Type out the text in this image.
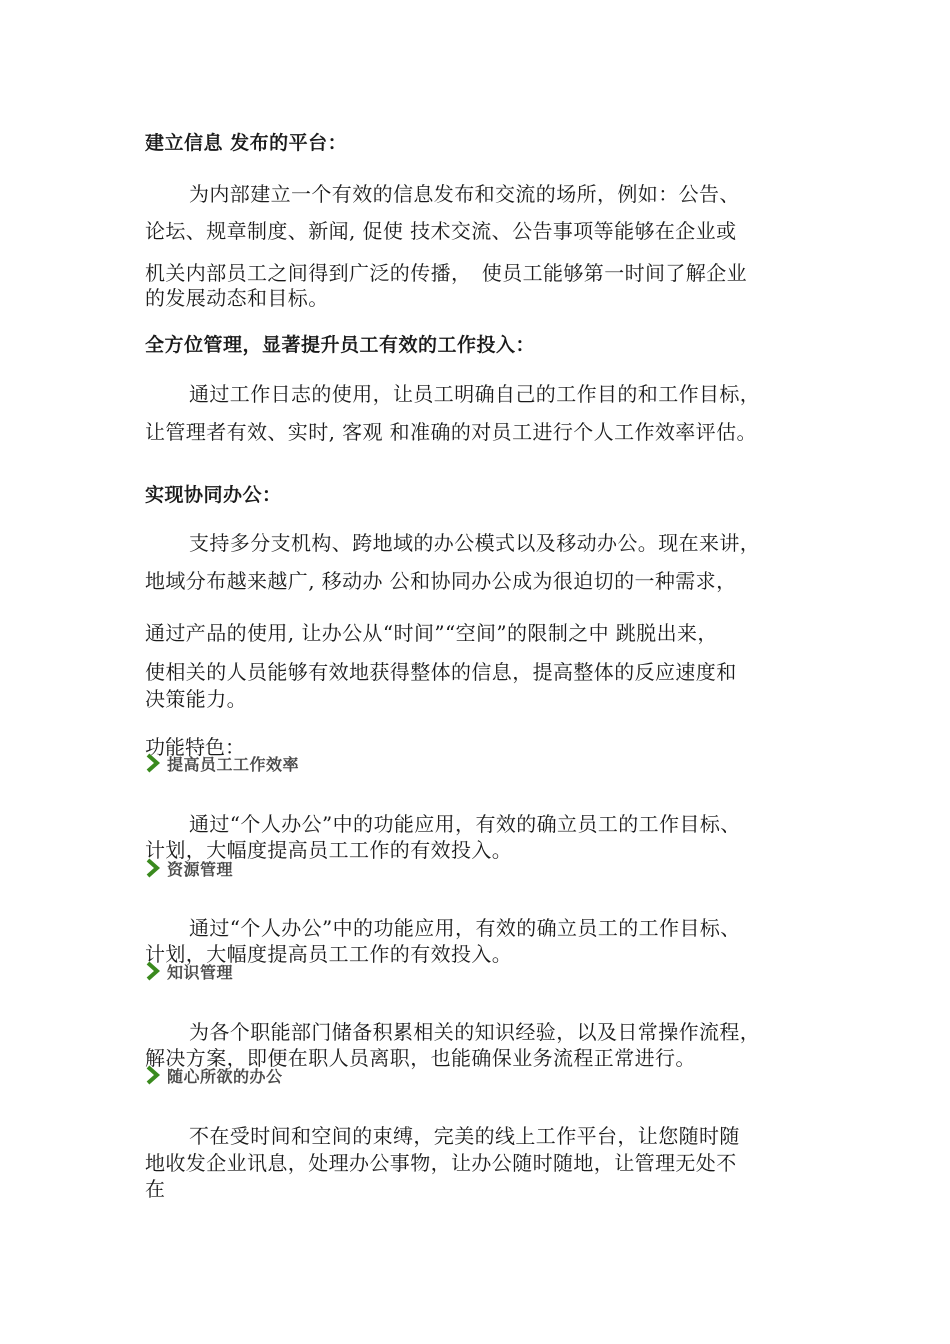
建立信息 发布的平台：
为内部建立一个有效的信息发布和交流的场所，例如：公告、
论坛、规章制度、新闻, 促使 技术交流、公告事项等能够在企业或
机关内部员工之间得到广泛的传播，　使员工能够第一时间了解企业
的发展动态和目标。
全方位管理，显著提升员工有效的工作投入：
通过工作日志的使用，让员工明确自己的工作目的和工作目标，
让管理者有效、实时, 客观 和准确的对员工进行个人工作效率评估。
实现协同办公：
支持多分支机构、跨地域的办公模式以及移动办公。现在来讲，
地域分布越来越广, 移动办 公和协同办公成为很迫切的一种需求，
通过产品的使用, 让办公从“时间”“空间”的限制之中 跳脱出来，
使相关的人员能够有效地获得整体的信息，提高整体的反应速度和
决策能力。
功能特色：
提高员工工作效率
通过“个人办公”中的功能应用，有效的确立员工的工作目标、
计划，大幅度提高员工工作的有效投入。
资源管理
通过“个人办公”中的功能应用，有效的确立员工的工作目标、
计划，大幅度提高员工工作的有效投入。
知识管理
为各个职能部门储备积累相关的知识经验，以及日常操作流程，
解决方案，即便在职人员离职，也能确保业务流程正常进行。
随心所欲的办公
不在受时间和空间的束缚，完美的线上工作平台，让您随时随
地收发企业讯息，处理办公事物，让办公随时随地，让管理无处不
在
